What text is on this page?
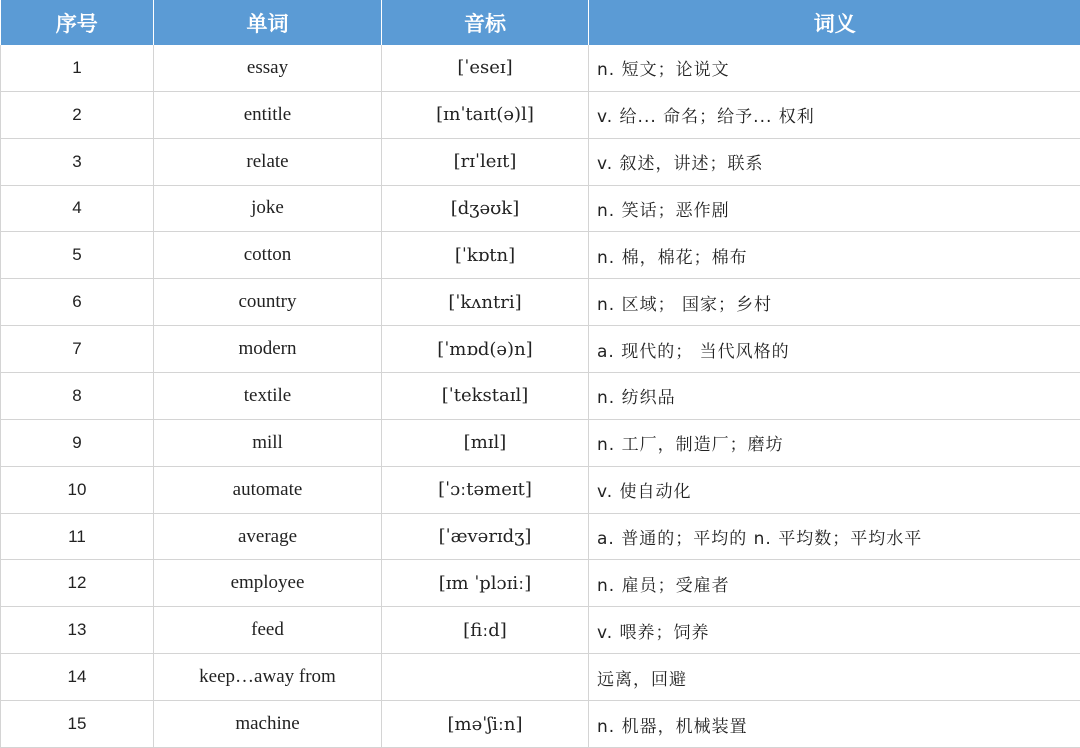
序号	单词	音标	词义
1	essay	[ˈeseɪ]	n. 短文；论说文
2	entitle	[ɪnˈtaɪt(ə)l]	v. 给... 命名；给予... 权利
3	relate	[rɪˈleɪt]	v. 叙述，讲述；联系
4	joke	[dʒəʊk]	n. 笑话；恶作剧
5	cotton	[ˈkɒtn]	n. 棉，棉花；棉布
6	country	[ˈkʌntri]	n. 区域； 国家；乡村
7	modern	[ˈmɒd(ə)n]	a. 现代的； 当代风格的
8	textile	[ˈtekstaɪl]	n. 纺织品
9	mill	[mɪl]	n. 工厂，制造厂；磨坊
10	automate	[ˈɔːtəmeɪt]	v. 使自动化
11	average	[ˈævərɪdʒ]	a. 普通的；平均的 n. 平均数；平均水平
12	employee	[ɪm ˈplɔɪiː]	n. 雇员；受雇者
13	feed	[fiːd]	v. 喂养；饲养
14	keep…away from		远离，回避
15	machine	[məˈʃiːn]	n. 机器，机械装置
